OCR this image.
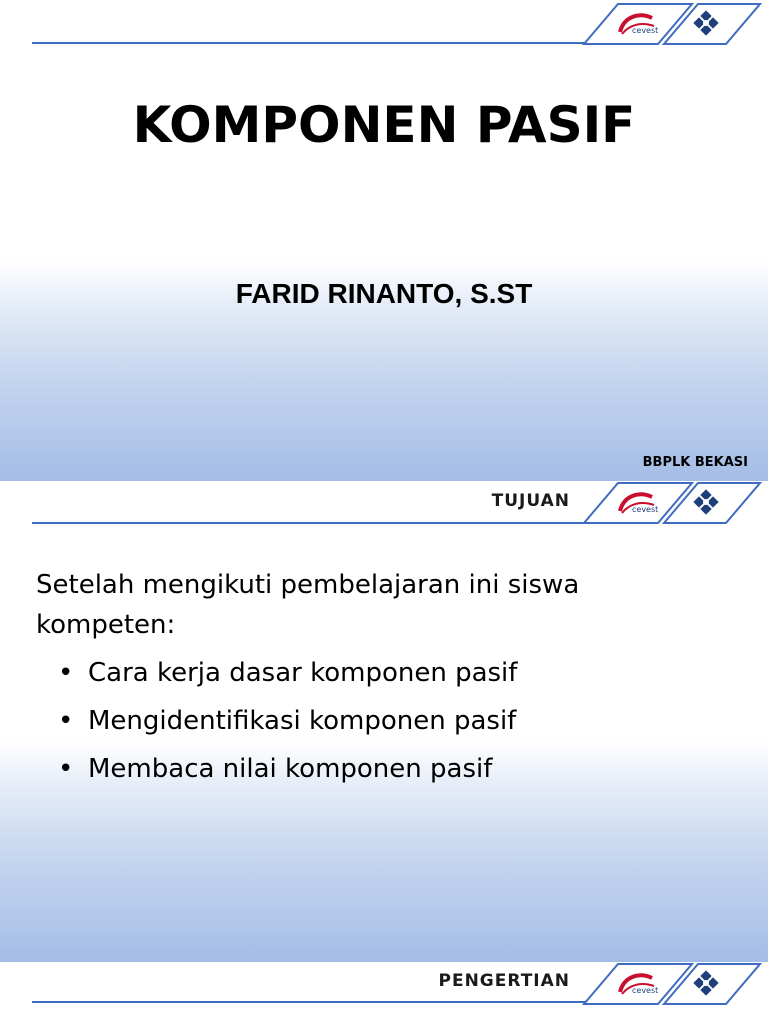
cevest
KOMPONEN PASIF
FARID RINANTO, S.ST
BBPLK BEKASI
TUJUAN	cevest
Setelah mengikuti pembelajaran ini siswa
kompeten:
• Cara kerja dasar komponen pasif
• Mengidentifikasi komponen pasif
• Membaca nilai komponen pasif
PENGERTIAN	cevest
